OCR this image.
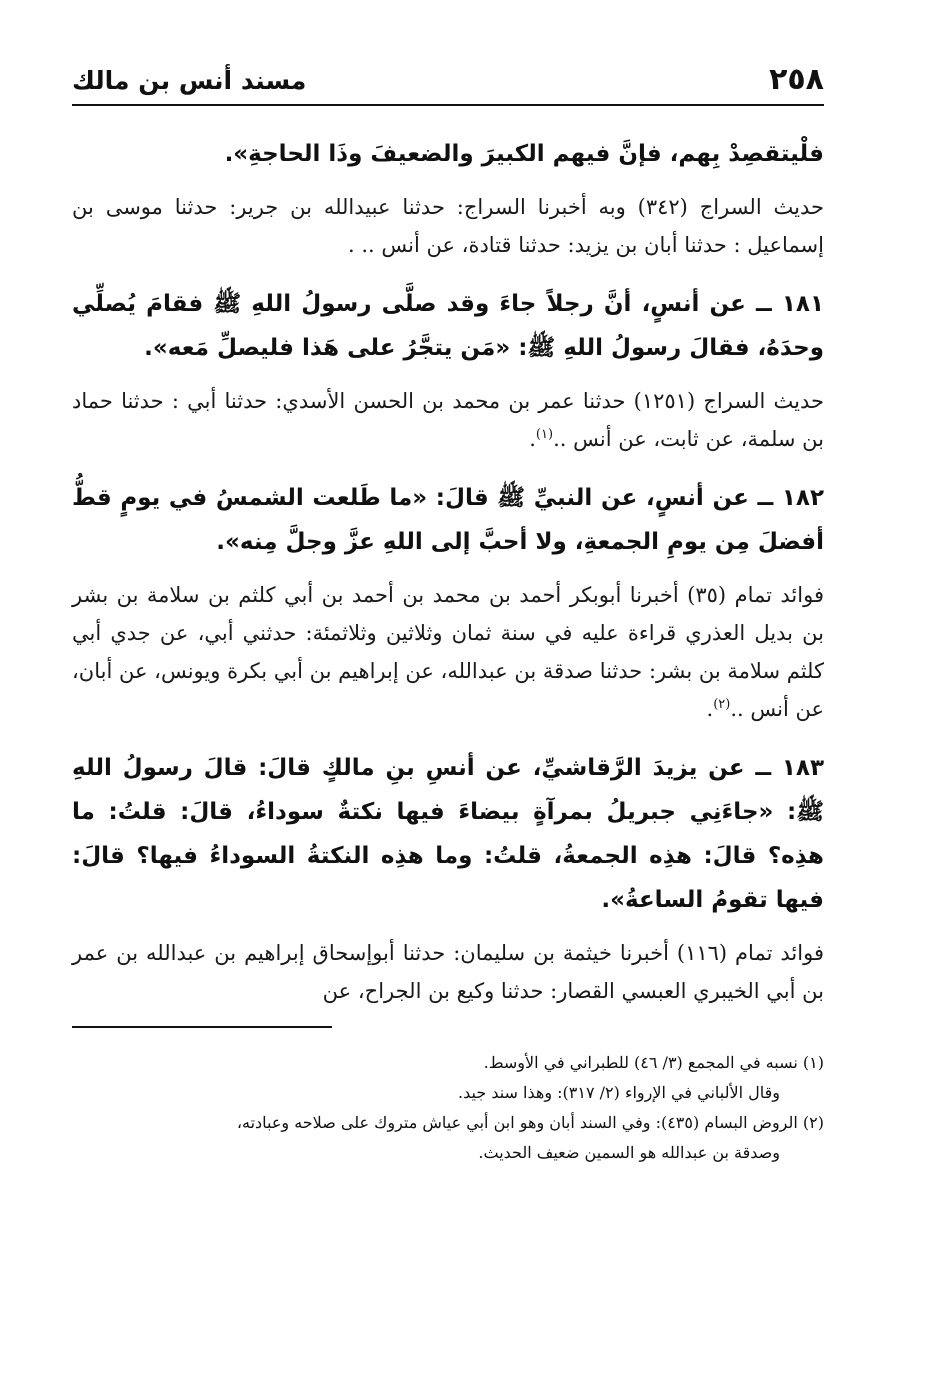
٢٥٨
مسند أنس بن مالك

فلْيتقصِدْ بِهم، فإنَّ فيهم الكبيرَ والضعيفَ وذَا الحاجةِ».

حديث السراج (٣٤٢) وبه أخبرنا السراج: حدثنا عبيدالله بن جرير: حدثنا موسى بن إسماعيل : حدثنا أبان بن يزيد: حدثنا قتادة، عن أنس .. .

١٨١ ــ عن أنسٍ، أنَّ رجلاً جاءَ وقد صلَّى رسولُ اللهِ ﷺ فقامَ يُصلِّي وحدَهُ، فقالَ رسولُ اللهِ ﷺ: «مَن يتجَّرُ على هَذا فليصلِّ مَعه».

حديث السراج (١٢٥١) حدثنا عمر بن محمد بن الحسن الأسدي: حدثنا أبي : حدثنا حماد بن سلمة، عن ثابت، عن أنس ..$^{(١)}$.

١٨٢ ــ عن أنسٍ، عن النبيِّ ﷺ قالَ: «ما طَلعت الشمسُ في يومٍ قطُّ أفضلَ مِن يومِ الجمعةِ، ولا أحبَّ إلى اللهِ عزَّ وجلَّ مِنه».

فوائد تمام (٣٥) أخبرنا أبوبكر أحمد بن محمد بن أحمد بن أبي كلثم بن سلامة بن بشر بن بديل العذري قراءة عليه في سنة ثمان وثلاثين وثلاثمئة: حدثني أبي، عن جدي أبي كلثم سلامة بن بشر: حدثنا صدقة بن عبدالله، عن إبراهيم بن أبي بكرة ويونس، عن أبان، عن أنس ..$^{(٢)}$.

١٨٣ ــ عن يزيدَ الرَّقاشيِّ، عن أنسِ بنِ مالكٍ قالَ: قالَ رسولُ اللهِ ﷺ: «جاءَنِي جبريلُ بمرآةٍ بيضاءَ فيها نكتةٌ سوداءُ، قالَ: قلتُ: ما هذِه؟ قالَ: هذِه الجمعةُ، قلتُ: وما هذِه النكتةُ السوداءُ فيها؟ قالَ: فيها تقومُ الساعةُ».

فوائد تمام (١١٦) أخبرنا خيثمة بن سليمان: حدثنا أبوإسحاق إبراهيم بن عبدالله بن عمر بن أبي الخيبري العبسي القصار: حدثنا وكيع بن الجراح، عن

(١) نسبه في المجمع (٣/ ٤٦) للطبراني في الأوسط.

وقال الألباني في الإرواء (٢/ ٣١٧): وهذا سند جيد.

(٢) الروض البسام (٤٣٥): وفي السند أبان وهو ابن أبي عياش متروك على صلاحه وعبادته،

وصدقة بن عبدالله هو السمين ضعيف الحديث.
